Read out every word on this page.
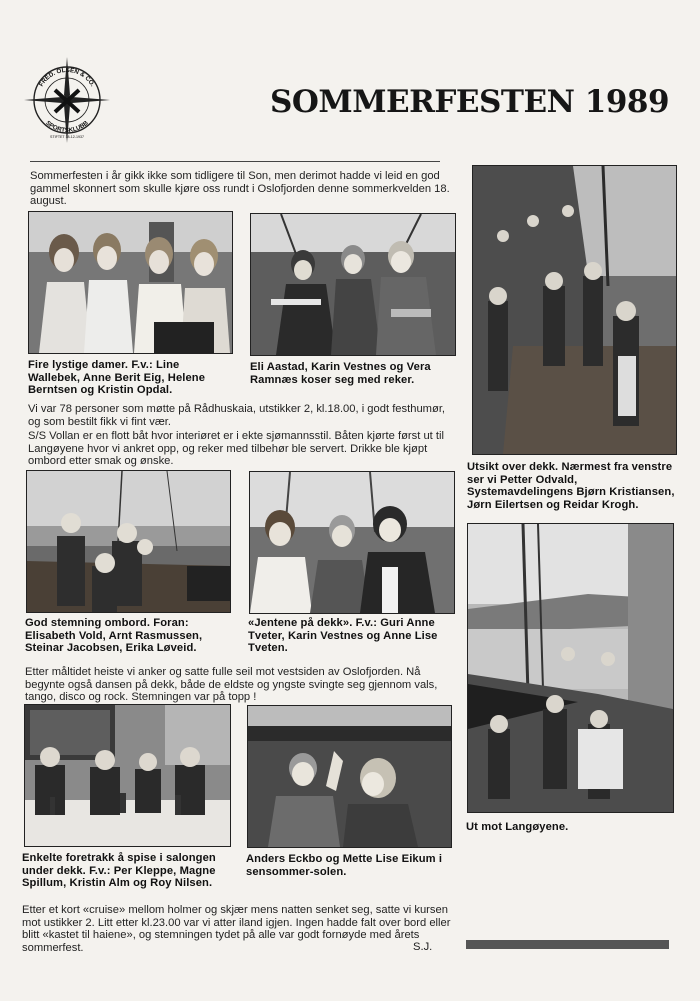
FRED. OLSEN & CO.
SPORTSKLUBB
STIFTET 18-12-1937
SOMMERFESTEN 1989

Sommerfesten i år gikk ikke som tidligere til Son, men derimot hadde vi leid en god gammel skonnert som skulle kjøre oss rundt i Oslofjorden denne sommerkvelden 18. august.

Fire lystige damer. F.v.: Line Wallebek, Anne Berit Eig, Helene Berntsen og Kristin Opdal.

Eli Aastad, Karin Vestnes og Vera Ramnæs koser seg med reker.

Vi var 78 personer som møtte på Rådhuskaia, utstikker 2, kl.18.00, i godt festhumør, og som bestilt fikk vi fint vær.

S/S Vollan er en flott båt hvor interiøret er i ekte sjømannsstil. Båten kjørte først ut til Langøyene hvor vi ankret opp, og reker med tilbehør ble servert. Drikke ble kjøpt ombord etter smak og ønske.	Utsikt over dekk. Nærmest fra venstre ser vi Petter Odvald, Systemavdelingens Bjørn Kristiansen, Jørn Eilertsen og Reidar Krogh.

God stemning ombord. Foran: Elisabeth Vold, Arnt Rasmussen, Steinar Jacobsen, Erika Løveid.

«Jentene på dekk». F.v.: Guri Anne Tveter, Karin Vestnes og Anne Lise Tveten.

Etter måltidet heiste vi anker og satte fulle seil mot vestsiden av Oslofjorden. Nå begynte også dansen på dekk, både de eldste og yngste svingte seg gjennom vals, tango, disco og rock. Stemningen var på topp !

Ut mot Langøyene.

Enkelte foretrakk å spise i salongen under dekk. F.v.: Per Kleppe, Magne Spillum, Kristin Alm og Roy Nilsen.

Anders Eckbo og Mette Lise Eikum i sensommer-solen.

Etter et kort «cruise» mellom holmer og skjær mens natten senket seg, satte vi kursen mot ustikker 2. Litt etter kl.23.00 var vi atter iland igjen. Ingen hadde falt over bord eller blitt «kastet til haiene», og stemningen tydet på alle var godt fornøyde med årets sommerfest.	S.J.
